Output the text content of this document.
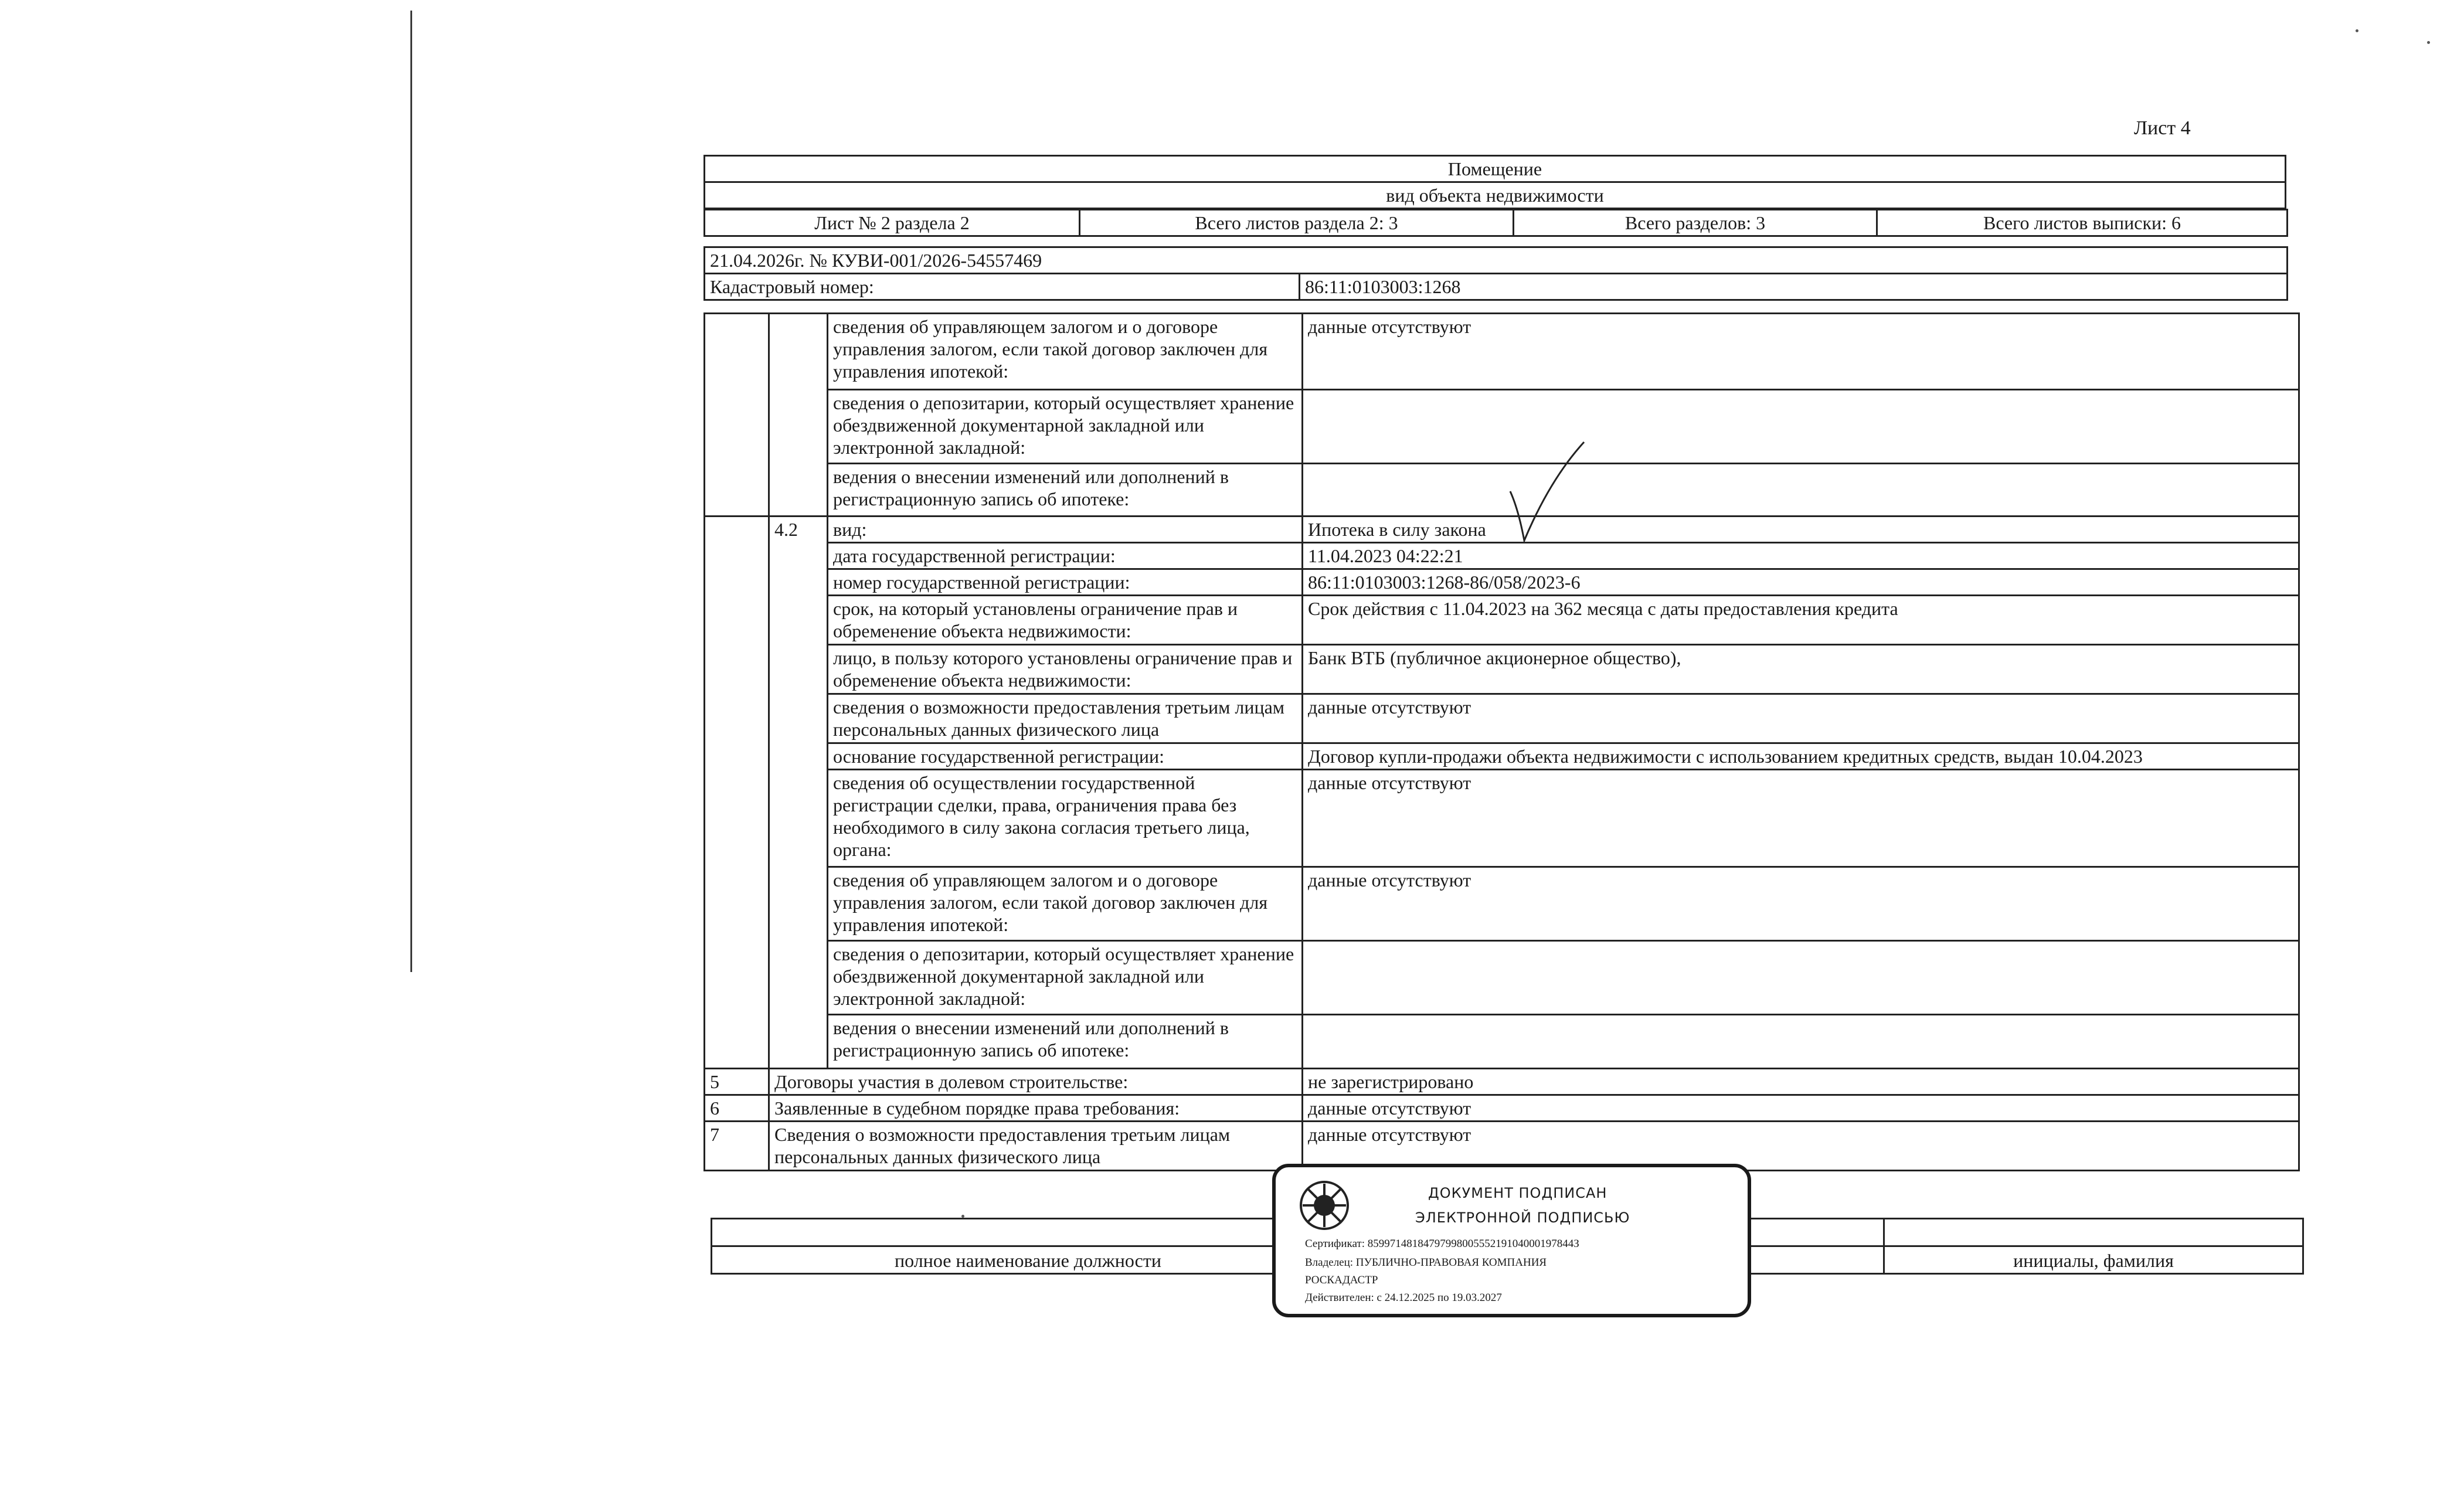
Лист 4
Помещение
вид объекта недвижимости
Лист № 2 раздела 2	Всего листов раздела 2: 3	Всего разделов: 3	Всего листов выписки: 6
21.04.2026г. № КУВИ-001/2026-54557469
Кадастровый номер:	86:11:0103003:1268
		сведения об управляющем залогом и о договоре управления залогом, если такой договор заключен для управления ипотекой:	данные отсутствуют
		сведения о депозитарии, который осуществляет хранение обездвиженной документарной закладной или электронной закладной:	
		ведения о внесении изменений или дополнений в регистрационную запись об ипотеке:	
	4.2	вид:	Ипотека в силу закона
		дата государственной регистрации:	11.04.2023 04:22:21
		номер государственной регистрации:	86:11:0103003:1268-86/058/2023-6
		срок, на который установлены ограничение прав и обременение объекта недвижимости:	Срок действия с 11.04.2023 на 362 месяца с даты предоставления кредита
		лицо, в пользу которого установлены ограничение прав и обременение объекта недвижимости:	Банк ВТБ (публичное акционерное общество),
		сведения о возможности предоставления третьим лицам персональных данных физического лица	данные отсутствуют
		основание государственной регистрации:	Договор купли-продажи объекта недвижимости с использованием кредитных средств, выдан 10.04.2023
		сведения об осуществлении государственной регистрации сделки, права, ограничения права без необходимого в силу закона согласия третьего лица, органа:	данные отсутствуют
		сведения об управляющем залогом и о договоре управления залогом, если такой договор заключен для управления ипотекой:	данные отсутствуют
		сведения о депозитарии, который осуществляет хранение обездвиженной документарной закладной или электронной закладной:	
		ведения о внесении изменений или дополнений в регистрационную запись об ипотеке:	
5	Договоры участия в долевом строительстве:		не зарегистрировано
6	Заявленные в судебном порядке права требования:		данные отсутствуют
7	Сведения о возможности предоставления третьим лицам персональных данных физического лица		данные отсутствуют

полное наименование должности		инициалы, фамилия
ДОКУМЕНТ ПОДПИСАН
ЭЛЕКТРОННОЙ ПОДПИСЬЮ
Сертификат: 8599714818479799800555219104000197844З
Владелец: ПУБЛИЧНО-ПРАВОВАЯ КОМПАНИЯ
РОСКАДАСТР
Действителен: с 24.12.2025 по 19.03.2027
